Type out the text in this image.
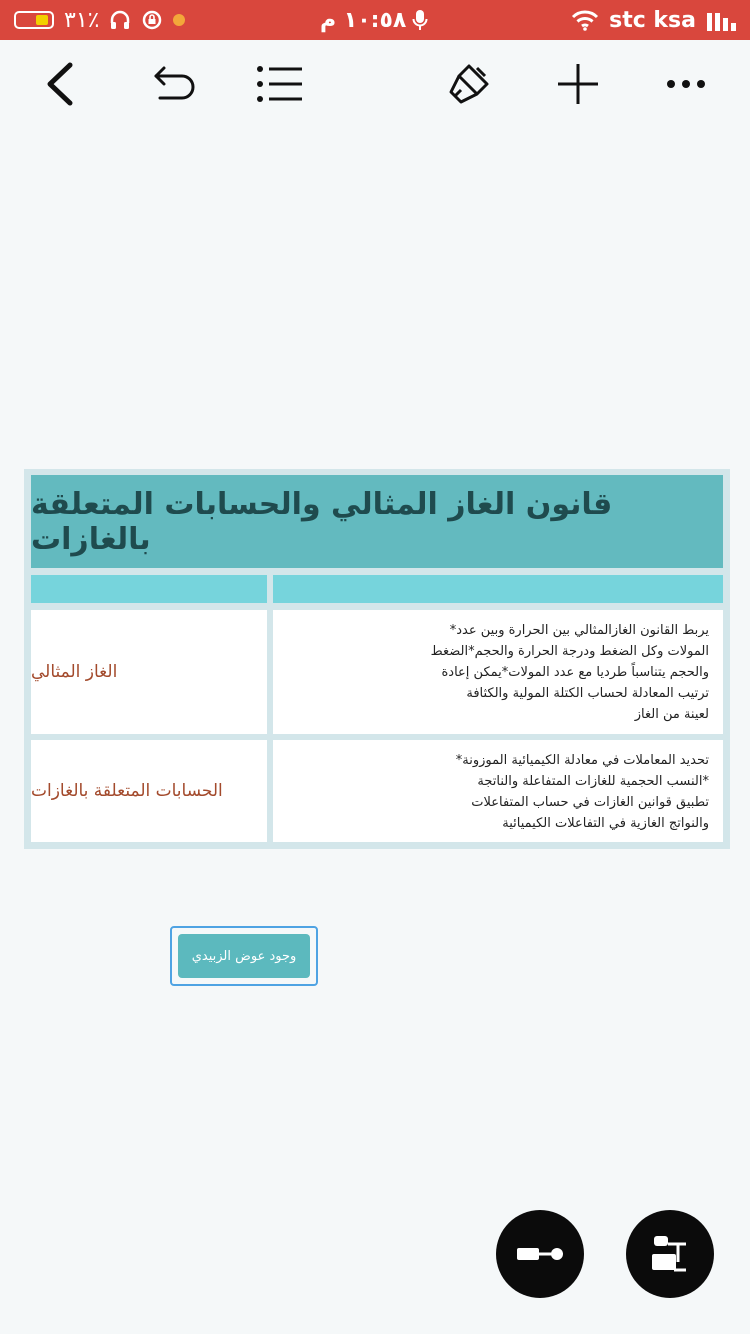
٣١٪	١٠:٥٨ م	stc ksa
قانون الغاز المثالي والحسابات المتعلقة بالغازات
الغاز المثالي
يربط القانون الغازالمثالي بين الحرارة وبين عدد*
المولات وكل الضغط ودرجة الحرارة والحجم*الضغط
والحجم يتناسباً طرديا مع عدد المولات*يمكن إعادة
ترتيب المعادلة لحساب الكتلة المولية والكثافة
لعينة من الغاز
الحسابات المتعلقة بالغازات
تحديد المعاملات في معادلة الكيميائية الموزونة*
*النسب الحجمية للغازات المتفاعلة والناتجة
تطبيق قوانين الغازات في حساب المتفاعلات
والنواتج الغازية في التفاعلات الكيميائية
وجود عوض الزبيدي
